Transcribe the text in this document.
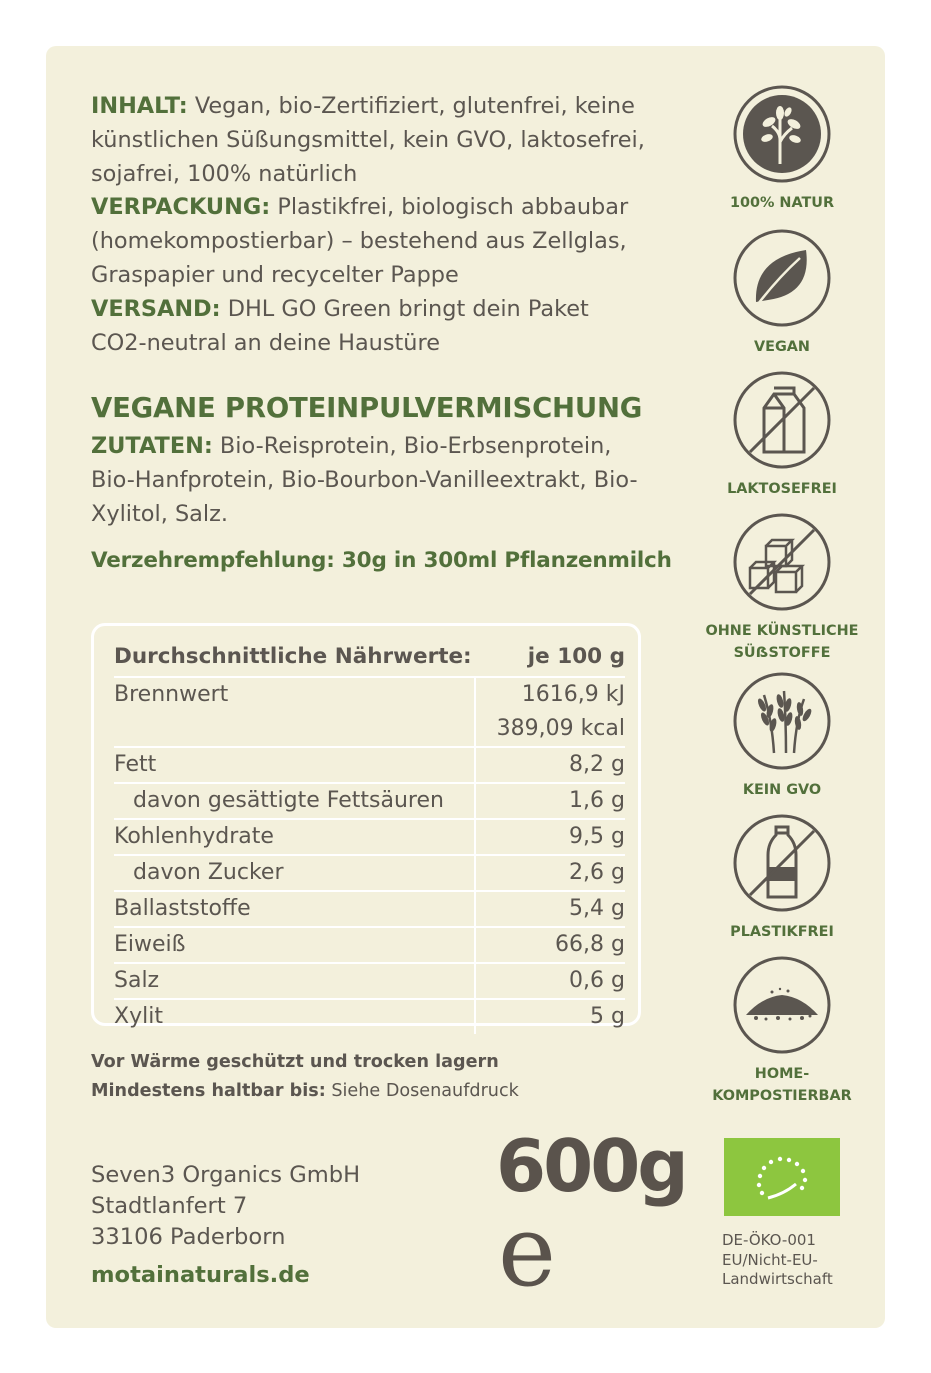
INHALT: Vegan, bio-Zertifiziert, glutenfrei, keine künstlichen Süßungsmittel, kein GVO, laktosefrei, sojafrei, 100% natürlich
VERPACKUNG: Plastikfrei, biologisch abbaubar (homekompostierbar) – bestehend aus Zellglas, Graspapier und recycelter Pappe
VERSAND: DHL GO Green bringt dein Paket CO2-neutral an deine Haustüre
VEGANE PROTEINPULVERMISCHUNG
ZUTATEN: Bio-Reisprotein, Bio-Erbsenprotein, Bio-Hanfprotein, Bio-Bourbon-Vanilleextrakt, Bio-Xylitol, Salz.
Verzehrempfehlung: 30g in 300ml Pflanzenmilch
Durchschnittliche Nährwerte:	je 100 g
Brennwert	1616,9 kJ
389,09 kcal
Fett	8,2 g
davon gesättigte Fettsäuren	1,6 g
Kohlenhydrate	9,5 g
davon Zucker	2,6 g
Ballaststoffe	5,4 g
Eiweiß	66,8 g
Salz	0,6 g
Xylit	5 g
Vor Wärme geschützt und trocken lagern
Mindestens haltbar bis: Siehe Dosenaufdruck
Seven3 Organics GmbH
Stadtlanfert 7
33106 Paderborn
motainaturals.de
600g
e
100% NATUR
VEGAN
LAKTOSEFREI
OHNE KÜNSTLICHE
SÜẞSTOFFE
KEIN GVO
PLASTIKFREI
HOME-
KOMPOSTIERBAR
DE-ÖKO-001
EU/Nicht-EU-
Landwirtschaft
